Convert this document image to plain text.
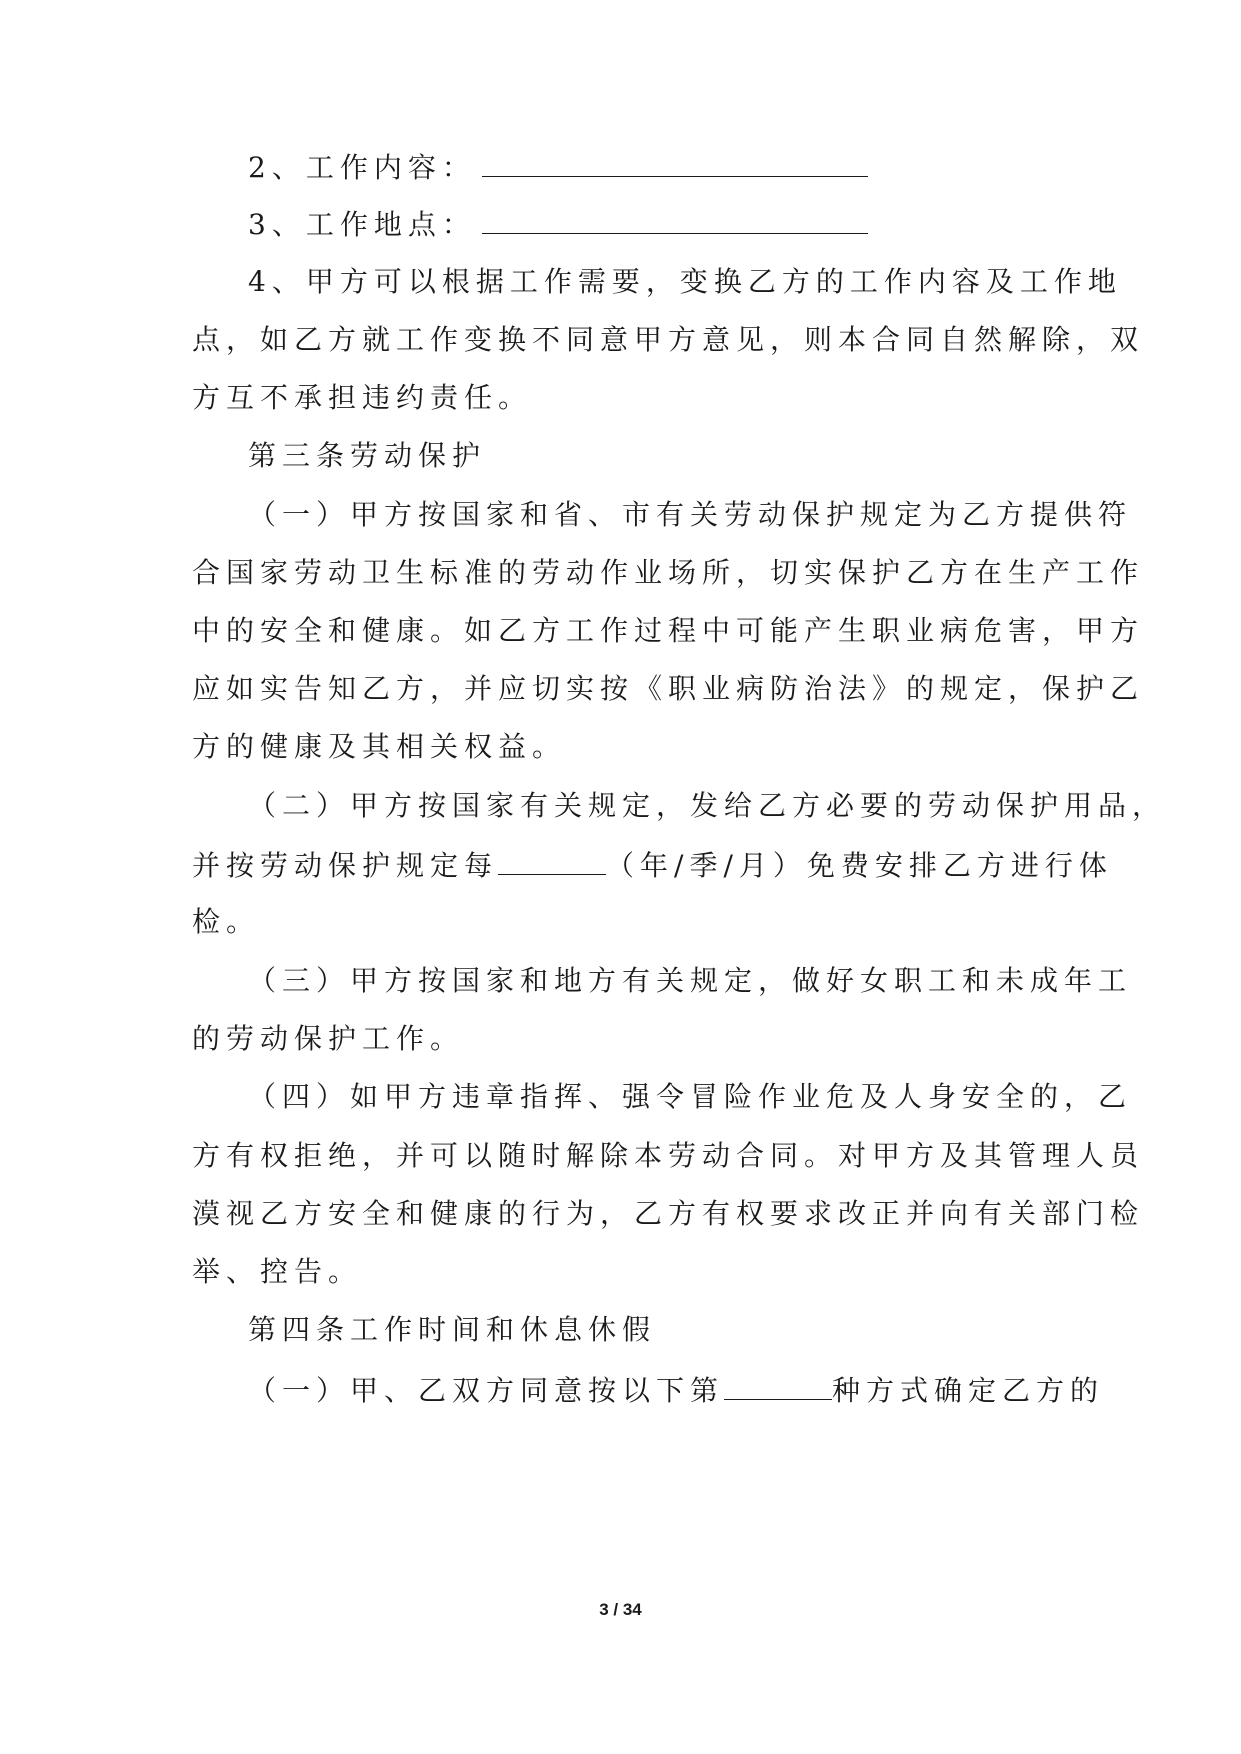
2、工作内容：
3、工作地点：
4、甲方可以根据工作需要，变换乙方的工作内容及工作地
点，如乙方就工作变换不同意甲方意见，则本合同自然解除，双
方互不承担违约责任。
第三条劳动保护
（一）甲方按国家和省、市有关劳动保护规定为乙方提供符
合国家劳动卫生标准的劳动作业场所，切实保护乙方在生产工作
中的安全和健康。如乙方工作过程中可能产生职业病危害，甲方
应如实告知乙方，并应切实按《职业病防治法》的规定，保护乙
方的健康及其相关权益。
（二）甲方按国家有关规定，发给乙方必要的劳动保护用品，
并按劳动保护规定每	（年/季/月）免费安排乙方进行体
检。
（三）甲方按国家和地方有关规定，做好女职工和未成年工
的劳动保护工作。
（四）如甲方违章指挥、强令冒险作业危及人身安全的，乙
方有权拒绝，并可以随时解除本劳动合同。对甲方及其管理人员
漠视乙方安全和健康的行为，乙方有权要求改正并向有关部门检
举、控告。
第四条工作时间和休息休假
（一）甲、乙双方同意按以下第	种方式确定乙方的
3 / 34
